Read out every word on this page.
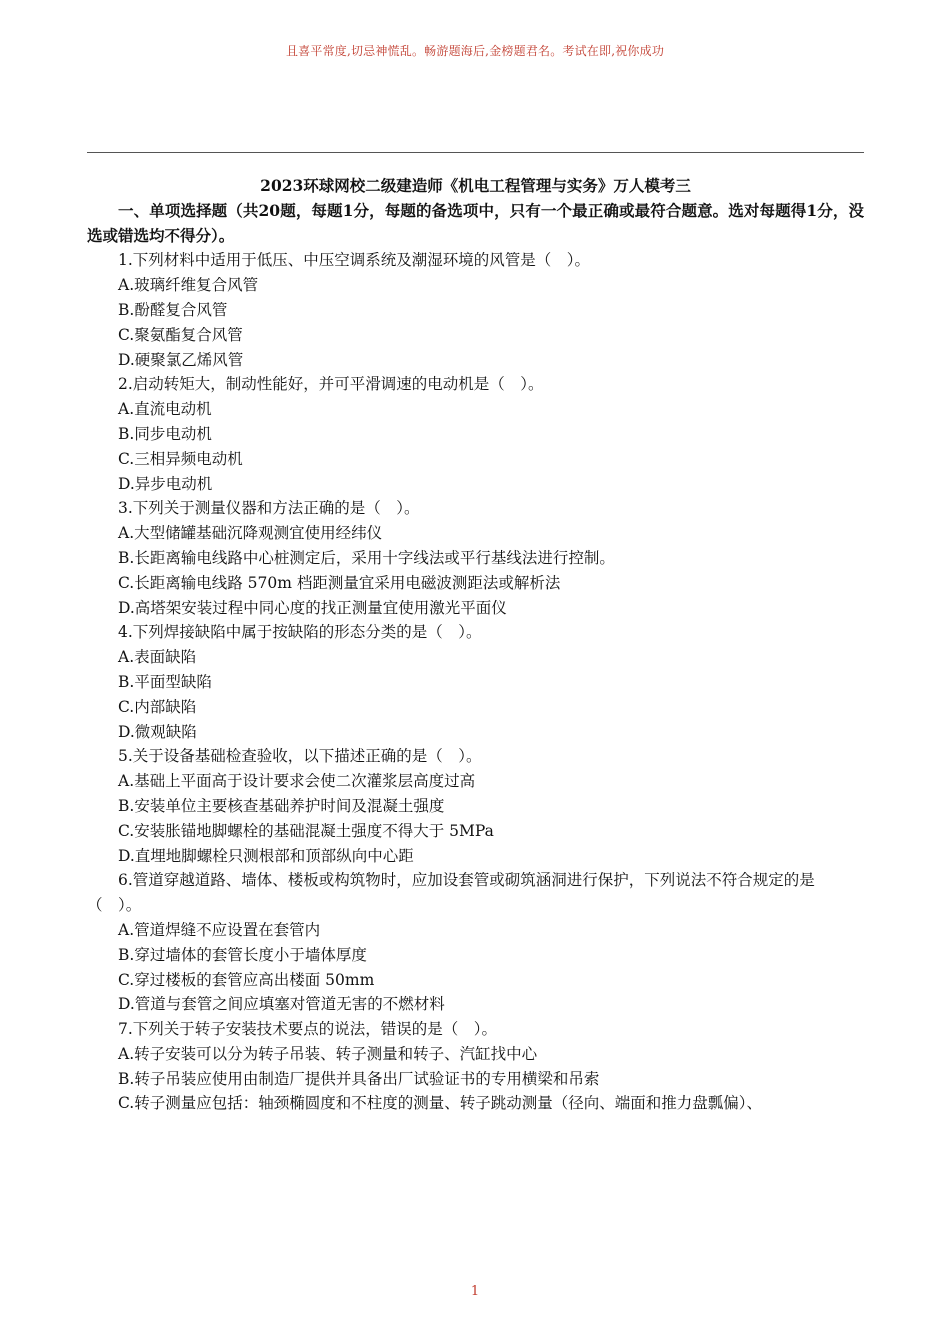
且喜平常度,切忌神慌乱。畅游题海后,金榜题君名。考试在即,祝你成功

2023环球网校二级建造师《机电工程管理与实务》万人模考三

一、单项选择题（共20题，每题1分，每题的备选项中，只有一个最正确或最符合题意。选对每题得1分，没选或错选均不得分）。

1.下列材料中适用于低压、中压空调系统及潮湿环境的风管是（　）。
A.玻璃纤维复合风管
B.酚醛复合风管
C.聚氨酯复合风管
D.硬聚氯乙烯风管
2.启动转矩大，制动性能好，并可平滑调速的电动机是（　）。
A.直流电动机
B.同步电动机
C.三相异频电动机
D.异步电动机
3.下列关于测量仪器和方法正确的是（　）。
A.大型储罐基础沉降观测宜使用经纬仪
B.长距离输电线路中心桩测定后，采用十字线法或平行基线法进行控制。
C.长距离输电线路 570m 档距测量宜采用电磁波测距法或解析法
D.高塔架安装过程中同心度的找正测量宜使用激光平面仪
4.下列焊接缺陷中属于按缺陷的形态分类的是（　）。
A.表面缺陷
B.平面型缺陷
C.内部缺陷
D.微观缺陷
5.关于设备基础检查验收，以下描述正确的是（　）。
A.基础上平面高于设计要求会使二次灌浆层高度过高
B.安装单位主要核查基础养护时间及混凝土强度
C.安装胀锚地脚螺栓的基础混凝土强度不得大于 5MPa
D.直埋地脚螺栓只测根部和顶部纵向中心距
6.管道穿越道路、墙体、楼板或构筑物时，应加设套管或砌筑涵洞进行保护，下列说法不符合规定的是（　）。
A.管道焊缝不应设置在套管内
B.穿过墙体的套管长度小于墙体厚度
C.穿过楼板的套管应高出楼面 50mm
D.管道与套管之间应填塞对管道无害的不燃材料
7.下列关于转子安装技术要点的说法，错误的是（　）。
A.转子安装可以分为转子吊装、转子测量和转子、汽缸找中心
B.转子吊装应使用由制造厂提供并具备出厂试验证书的专用横梁和吊索
C.转子测量应包括：轴颈椭圆度和不柱度的测量、转子跳动测量（径向、端面和推力盘瓢偏）、
1
